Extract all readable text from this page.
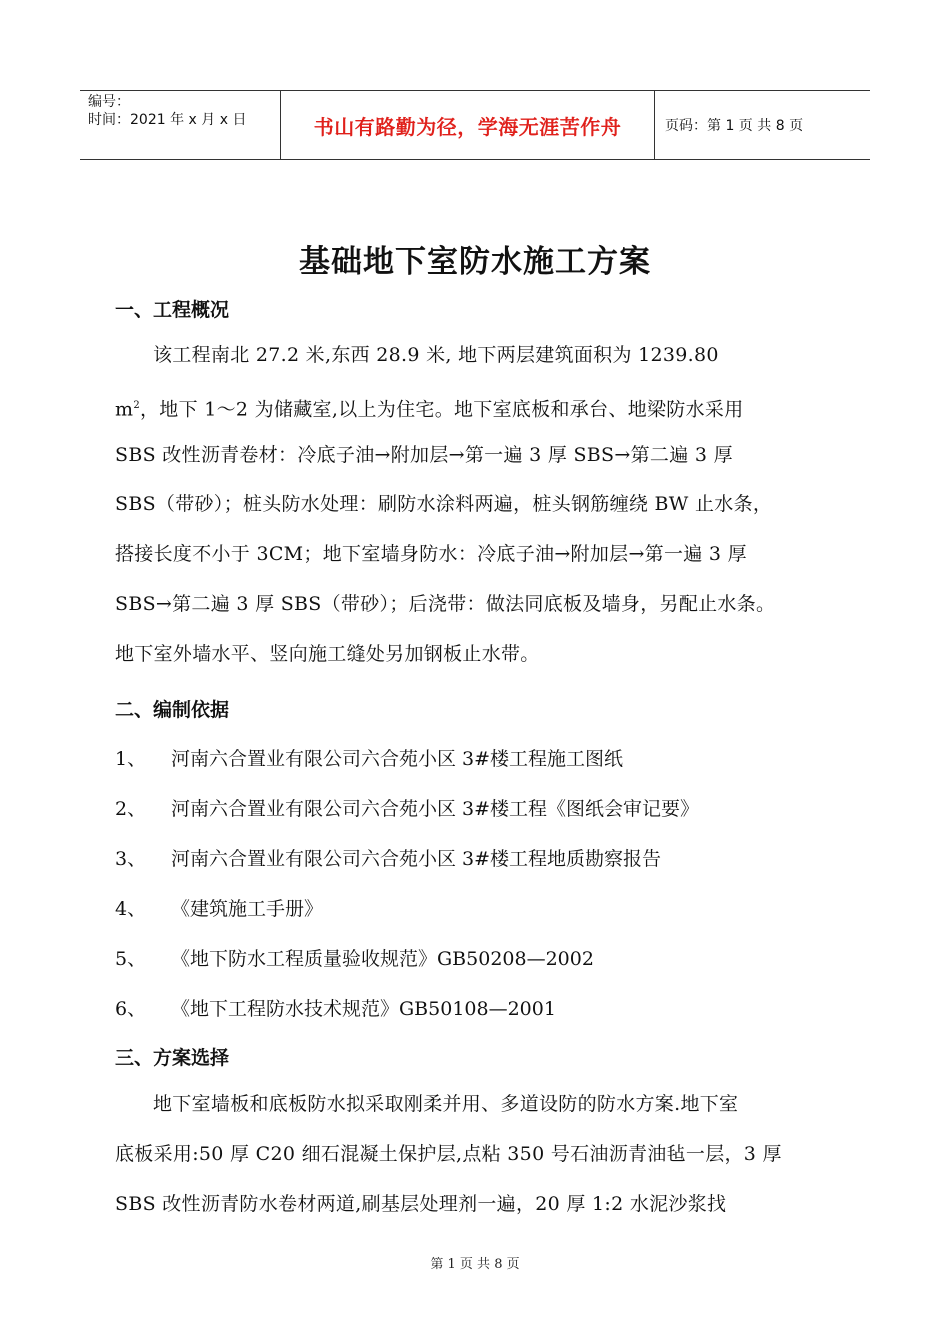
编号：
时间：2021 年 x 月 x 日	书山有路勤为径，学海无涯苦作舟	页码：第 1 页 共 8 页
基础地下室防水施工方案
一、工程概况
该工程南北 27.2 米,东西 28.9 米, 地下两层建筑面积为 1239.80
$m^2$，地下 1～2 为储藏室,以上为住宅。地下室底板和承台、地梁防水采用
SBS 改性沥青卷材：冷底子油→附加层→第一遍 3 厚 SBS→第二遍 3 厚
SBS（带砂）；桩头防水处理：刷防水涂料两遍，桩头钢筋缠绕 BW 止水条，
搭接长度不小于 3CM；地下室墙身防水：冷底子油→附加层→第一遍 3 厚
SBS→第二遍 3 厚 SBS（带砂）；后浇带：做法同底板及墙身，另配止水条。
地下室外墙水平、竖向施工缝处另加钢板止水带。
二、编制依据
1、 河南六合置业有限公司六合苑小区 3#楼工程施工图纸
2、 河南六合置业有限公司六合苑小区 3#楼工程《图纸会审记要》
3、 河南六合置业有限公司六合苑小区 3#楼工程地质勘察报告
4、 《建筑施工手册》
5、 《地下防水工程质量验收规范》GB50208—2002
6、 《地下工程防水技术规范》GB50108—2001
三、方案选择
地下室墙板和底板防水拟采取刚柔并用、多道设防的防水方案.地下室
底板采用:50 厚 C20 细石混凝土保护层,点粘 350 号石油沥青油毡一层，3 厚
SBS 改性沥青防水卷材两道,刷基层处理剂一遍，20 厚 1:2 水泥沙浆找
第 1 页 共 8 页
